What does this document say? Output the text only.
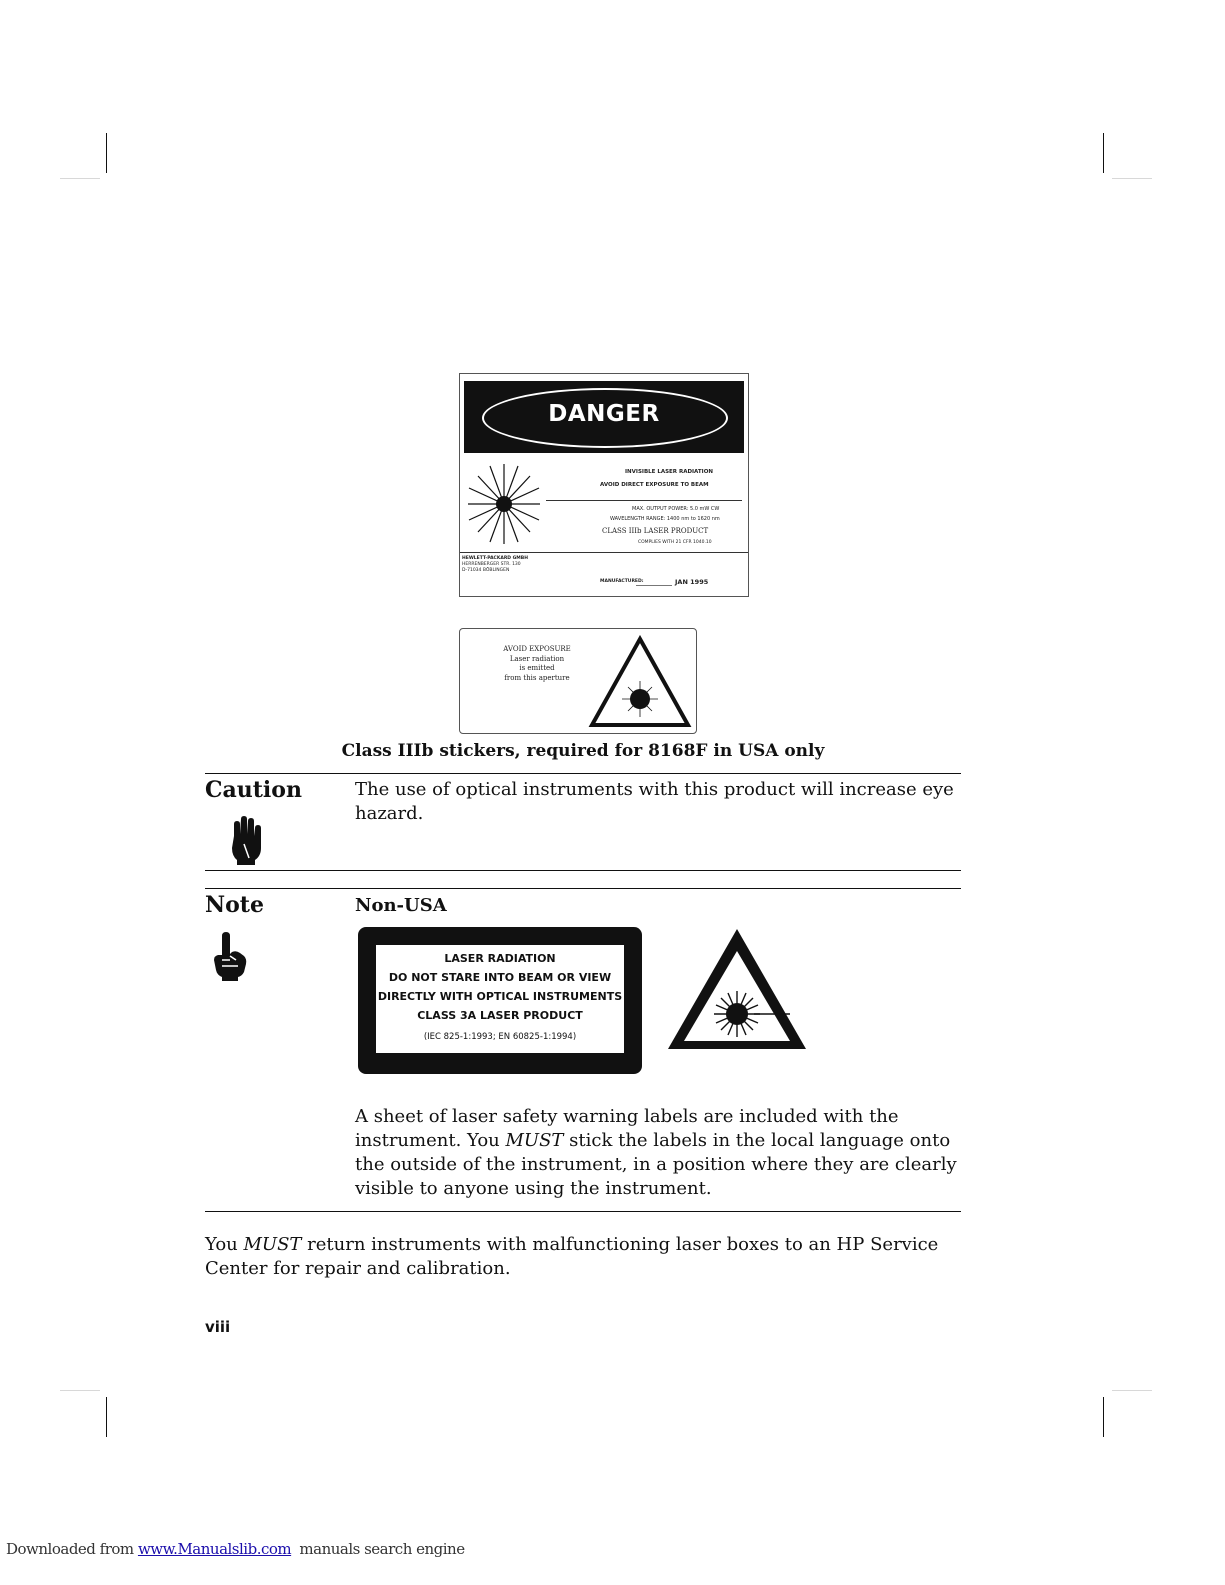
DANGER
INVISIBLE LASER RADIATION
AVOID DIRECT EXPOSURE TO BEAM
MAX. OUTPUT POWER: 5.0 mW CW
WAVELENGTH RANGE: 1400 nm to 1620 nm
CLASS IIIb LASER PRODUCT
COMPLIES WITH 21 CFR 1040.10
HEWLETT-PACKARD GMBH
HERRENBERGER STR. 130
D-71034 BÖBLINGEN
MANUFACTURED:	JAN 1995
AVOID EXPOSURE
Laser radiation
is emitted
from this aperture
Class IIIb stickers, required for 8168F in USA only
Caution	The use of optical instruments with this product will increase eye hazard.
Note	Non-USA
LASER RADIATION
DO NOT STARE INTO BEAM OR VIEW
DIRECTLY WITH OPTICAL INSTRUMENTS
CLASS 3A LASER PRODUCT
(IEC 825-1:1993; EN 60825-1:1994)
A sheet of laser safety warning labels are included with the instrument. You MUST stick the labels in the local language onto the outside of the instrument, in a position where they are clearly visible to anyone using the instrument.
You MUST return instruments with malfunctioning laser boxes to an HP Service Center for repair and calibration.
viii
Downloaded from www.Manualslib.com manuals search engine
